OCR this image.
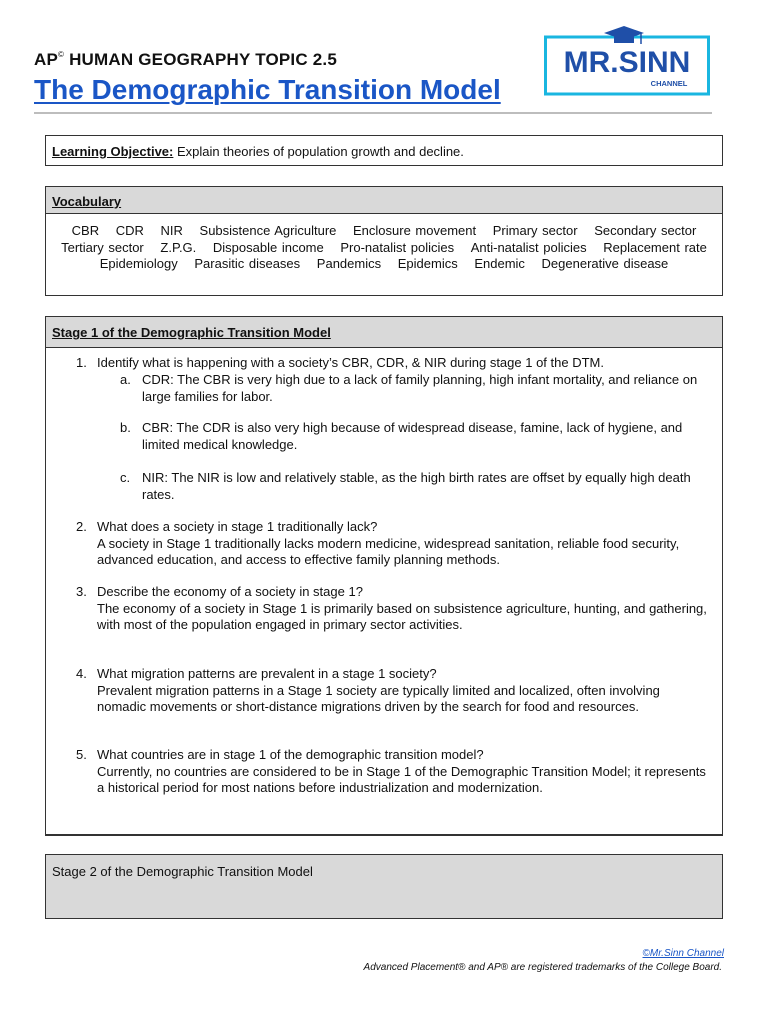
AP© HUMAN GEOGRAPHY TOPIC 2.5
The Demographic Transition Model
MR.SINN
CHANNEL
Learning Objective: Explain theories of population growth and decline.
Vocabulary
CBR CDR NIR Subsistence Agriculture Enclosure movement Primary sector Secondary sector Tertiary sector Z.P.G. Disposable income Pro-natalist policies Anti-natalist policies Replacement rate Epidemiology Parasitic diseases Pandemics Epidemics Endemic Degenerative disease
Stage 1 of the Demographic Transition Model
1. Identify what is happening with a society’s CBR, CDR, & NIR during stage 1 of the DTM.
a. CDR: The CBR is very high due to a lack of family planning, high infant mortality, and reliance on large families for labor.
b. CBR: The CDR is also very high because of widespread disease, famine, lack of hygiene, and limited medical knowledge.
c. NIR: The NIR is low and relatively stable, as the high birth rates are offset by equally high death rates.
2. What does a society in stage 1 traditionally lack?
A society in Stage 1 traditionally lacks modern medicine, widespread sanitation, reliable food security, advanced education, and access to effective family planning methods.
3. Describe the economy of a society in stage 1?
The economy of a society in Stage 1 is primarily based on subsistence agriculture, hunting, and gathering, with most of the population engaged in primary sector activities.
4. What migration patterns are prevalent in a stage 1 society?
Prevalent migration patterns in a Stage 1 society are typically limited and localized, often involving nomadic movements or short-distance migrations driven by the search for food and resources.
5. What countries are in stage 1 of the demographic transition model?
Currently, no countries are considered to be in Stage 1 of the Demographic Transition Model; it represents a historical period for most nations before industrialization and modernization.
Stage 2 of the Demographic Transition Model
©Mr.Sinn Channel
Advanced Placement® and AP® are registered trademarks of the College Board.
